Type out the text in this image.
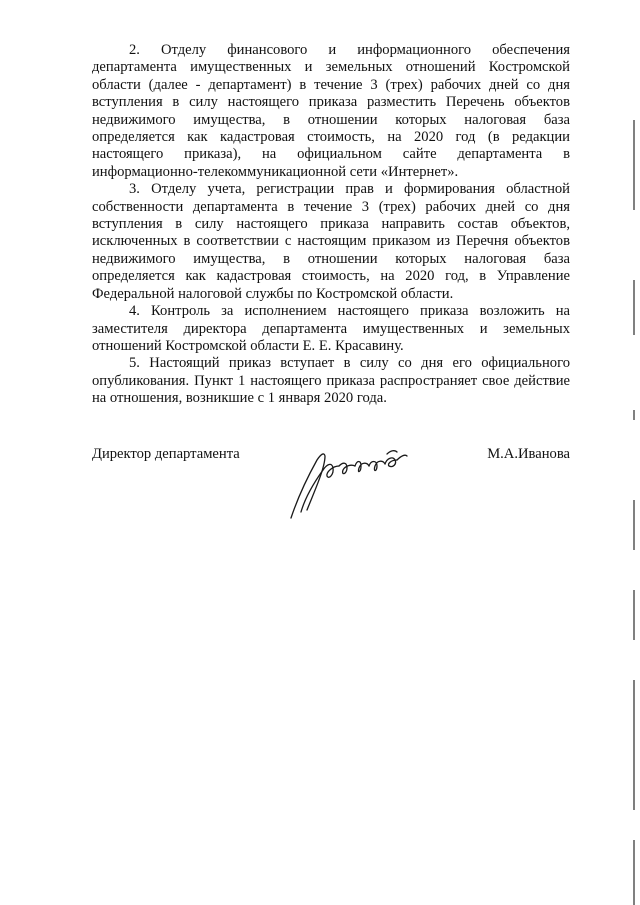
2. Отделу финансового и информационного обеспечения департамента имущественных и земельных отношений Костромской области (далее - департамент) в течение 3 (трех) рабочих дней со дня вступления в силу настоящего приказа разместить Перечень объектов недвижимого имущества, в отношении которых налоговая база определяется как кадастровая стоимость, на 2020 год (в редакции настоящего приказа), на официальном сайте департамента в информационно-телекоммуникационной сети «Интернет».

3. Отделу учета, регистрации прав и формирования областной собственности департамента в течение 3 (трех) рабочих дней со дня вступления в силу настоящего приказа направить состав объектов, исключенных в соответствии с настоящим приказом из Перечня объектов недвижимого имущества, в отношении которых налоговая база определяется как кадастровая стоимость, на 2020 год, в Управление Федеральной налоговой службы по Костромской области.

4. Контроль за исполнением настоящего приказа возложить на заместителя директора департамента имущественных и земельных отношений Костромской области Е. Е. Красавину.

5. Настоящий приказ вступает в силу со дня его официального опубликования. Пункт 1 настоящего приказа распространяет свое действие на отношения, возникшие с 1 января 2020 года.

Директор департамента	М.А.Иванова
